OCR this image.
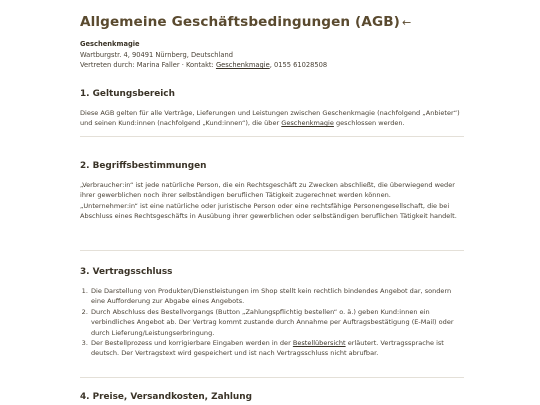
Allgemeine Geschäftsbedingungen (AGB) ←
Geschenkmagie
Wartburgstr. 4, 90491 Nürnberg, Deutschland
Vertreten durch: Marina Faller · Kontakt: Geschenkmagie, 0155 61028508
1. Geltungsbereich

Diese AGB gelten für alle Verträge, Lieferungen und Leistungen zwischen Geschenkmagie (nachfolgend „Anbieter“) und seinen Kund:innen (nachfolgend „Kund:innen“), die über Geschenkmagie geschlossen werden.

2. Begriffsbestimmungen

„Verbraucher:in“ ist jede natürliche Person, die ein Rechtsgeschäft zu Zwecken abschließt, die überwiegend weder ihrer gewerblichen noch ihrer selbständigen beruflichen Tätigkeit zugerechnet werden können.

„Unternehmer:in“ ist eine natürliche oder juristische Person oder eine rechtsfähige Personengesellschaft, die bei Abschluss eines Rechtsgeschäfts in Ausübung ihrer gewerblichen oder selbständigen beruflichen Tätigkeit handelt.

3. Vertragsschluss
1. Die Darstellung von Produkten/Dienstleistungen im Shop stellt kein rechtlich bindendes Angebot dar, sondern eine Aufforderung zur Abgabe eines Angebots.
2. Durch Abschluss des Bestellvorgangs (Button „Zahlungspflichtig bestellen“ o. ä.) geben Kund:innen ein verbindliches Angebot ab. Der Vertrag kommt zustande durch Annahme per Auftragsbestätigung (E-Mail) oder durch Lieferung/Leistungserbringung.
3. Der Bestellprozess und korrigierbare Eingaben werden in der Bestellübersicht erläutert. Vertragssprache ist deutsch. Der Vertragstext wird gespeichert und ist nach Vertragsschluss nicht abrufbar.
4. Preise, Versandkosten, Zahlung
